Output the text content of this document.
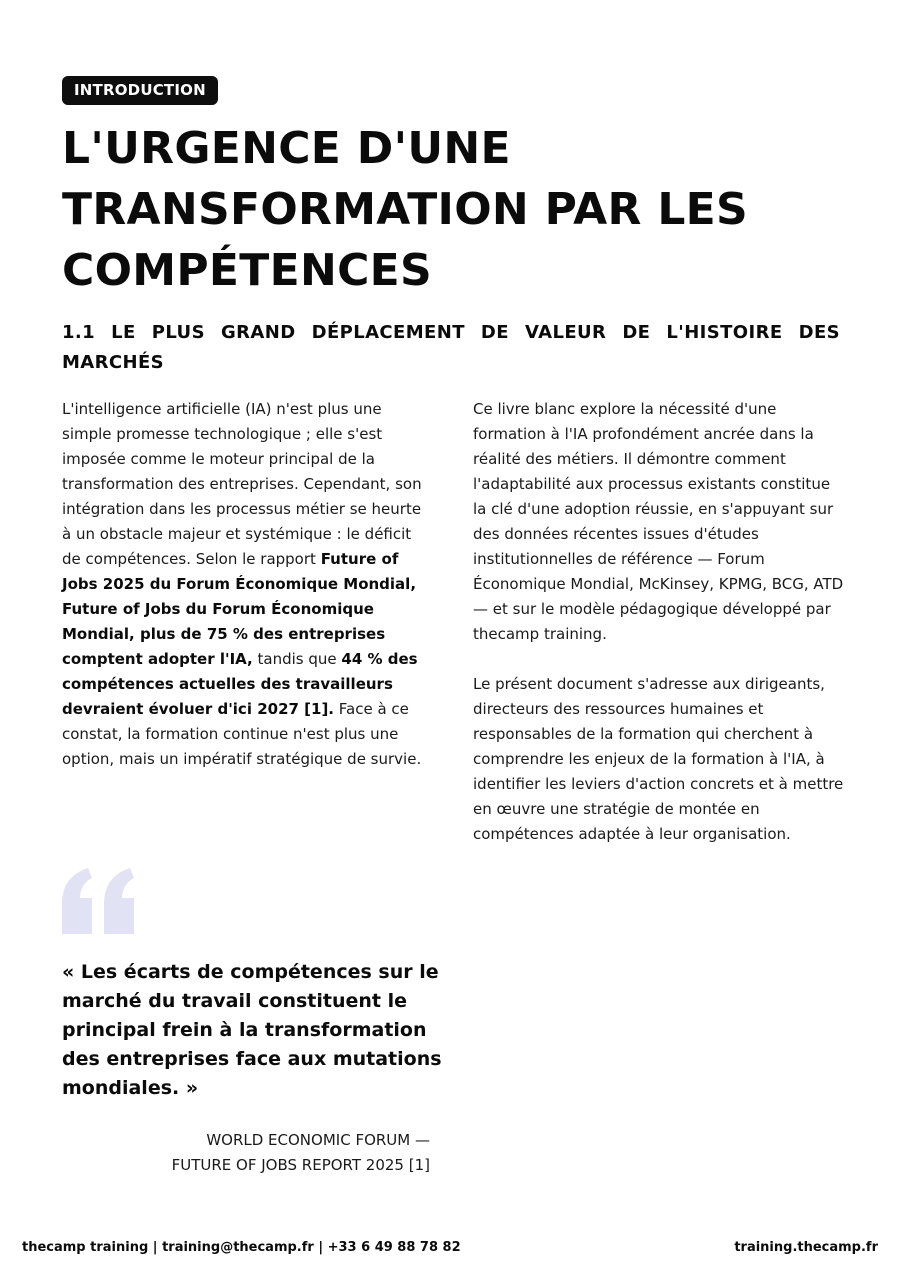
INTRODUCTION
L'URGENCE D'UNE
TRANSFORMATION PAR LES
COMPÉTENCES
1.1 LE PLUS GRAND DÉPLACEMENT DE VALEUR DE L'HISTOIRE DES MARCHÉS

L'intelligence artificielle (IA) n'est plus une simple promesse technologique ; elle s'est imposée comme le moteur principal de la transformation des entreprises. Cependant, son intégration dans les processus métier se heurte à un obstacle majeur et systémique : le déficit de compétences. Selon le rapport Future of Jobs 2025 du Forum Économique Mondial, Future of Jobs du Forum Économique Mondial, plus de 75 % des entreprises comptent adopter l'IA, tandis que 44 % des compétences actuelles des travailleurs devraient évoluer d'ici 2027 [1]. Face à ce constat, la formation continue n'est plus une option, mais un impératif stratégique de survie.

Ce livre blanc explore la nécessité d'une formation à l'IA profondément ancrée dans la réalité des métiers. Il démontre comment l'adaptabilité aux processus existants constitue la clé d'une adoption réussie, en s'appuyant sur des données récentes issues d'études institutionnelles de référence — Forum Économique Mondial, McKinsey, KPMG, BCG, ATD — et sur le modèle pédagogique développé par thecamp training.

Le présent document s'adresse aux dirigeants, directeurs des ressources humaines et
responsables de la formation qui cherchent à comprendre les enjeux de la formation à l'IA, à identifier les leviers d'action concrets et à mettre en œuvre une stratégie de montée en compétences adaptée à leur organisation.

« Les écarts de compétences sur le marché du travail constituent le principal frein à la transformation des entreprises face aux mutations mondiales. »

WORLD ECONOMIC FORUM —
FUTURE OF JOBS REPORT 2025 [1]
thecamp training | training@thecamp.fr | +33 6 49 88 78 82	training.thecamp.fr
